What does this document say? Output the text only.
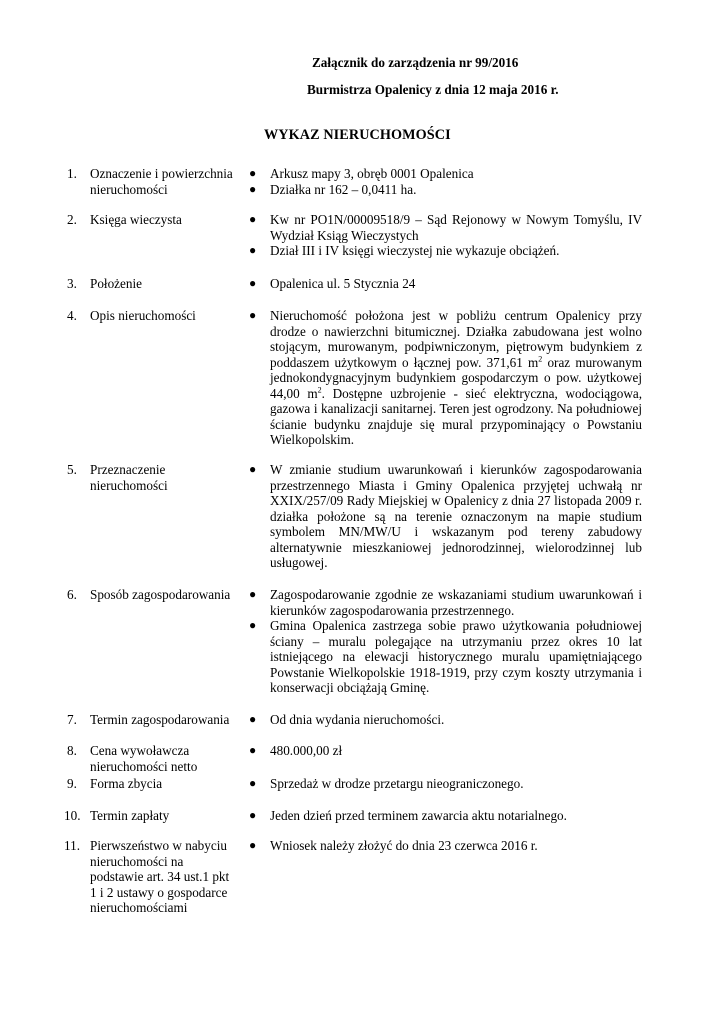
Załącznik do zarządzenia nr 99/2016
Burmistrza Opalenicy z dnia 12 maja 2016 r.
WYKAZ NIERUCHOMOŚCI
1. Oznaczenie i powierzchnia nieruchomości
● Arkusz mapy 3, obręb 0001 Opalenica
● Działka nr 162 – 0,0411 ha.
2. Księga wieczysta	● Kw nr PO1N/00009518/9 – Sąd Rejonowy w Nowym Tomyślu, IV Wydział Ksiąg Wieczystych
● Dział III i IV księgi wieczystej nie wykazuje obciążeń.
3. Położenie	● Opalenica ul. 5 Stycznia 24
4. Opis nieruchomości	● Nieruchomość położona jest w pobliżu centrum Opalenicy przy drodze o nawierzchni bitumicznej. Działka zabudowana jest wolno stojącym, murowanym, podpiwniczonym, piętrowym budynkiem z poddaszem użytkowym o łącznej pow. 371,61 $m^2$ oraz murowanym jednokondygnacyjnym budynkiem gospodarczym o pow. użytkowej 44,00 $m^2$. Dostępne uzbrojenie - sieć elektryczna, wodociągowa, gazowa i kanalizacji sanitarnej. Teren jest ogrodzony. Na południowej ścianie budynku znajduje się mural przypominający o Powstaniu Wielkopolskim.
5. Przeznaczenie nieruchomości
● W zmianie studium uwarunkowań i kierunków zagospodarowania przestrzennego Miasta i Gminy Opalenica przyjętej uchwałą nr XXIX/257/09 Rady Miejskiej w Opalenicy z dnia 27 listopada 2009 r. działka położone są na terenie oznaczonym na mapie studium symbolem MN/MW/U i wskazanym pod tereny zabudowy alternatywnie mieszkaniowej jednorodzinnej, wielorodzinnej lub usługowej.
6. Sposób zagospodarowania	● Zagospodarowanie zgodnie ze wskazaniami studium uwarunkowań i kierunków zagospodarowania przestrzennego.
● Gmina Opalenica zastrzega sobie prawo użytkowania południowej ściany – muralu polegające na utrzymaniu przez okres 10 lat istniejącego na elewacji historycznego muralu upamiętniającego Powstanie Wielkopolskie 1918-1919, przy czym koszty utrzymania i konserwacji obciążają Gminę.
7. Termin zagospodarowania	● Od dnia wydania nieruchomości.
8. Cena wywoławcza nieruchomości netto
● 480.000,00 zł
9. Forma zbycia	● Sprzedaż w drodze przetargu nieograniczonego.
10. Termin zapłaty	● Jeden dzień przed terminem zawarcia aktu notarialnego.
11. Pierwszeństwo w nabyciu nieruchomości na podstawie art. 34 ust.1 pkt 1 i 2 ustawy o gospodarce nieruchomościami
● Wniosek należy złożyć do dnia 23 czerwca 2016 r.
